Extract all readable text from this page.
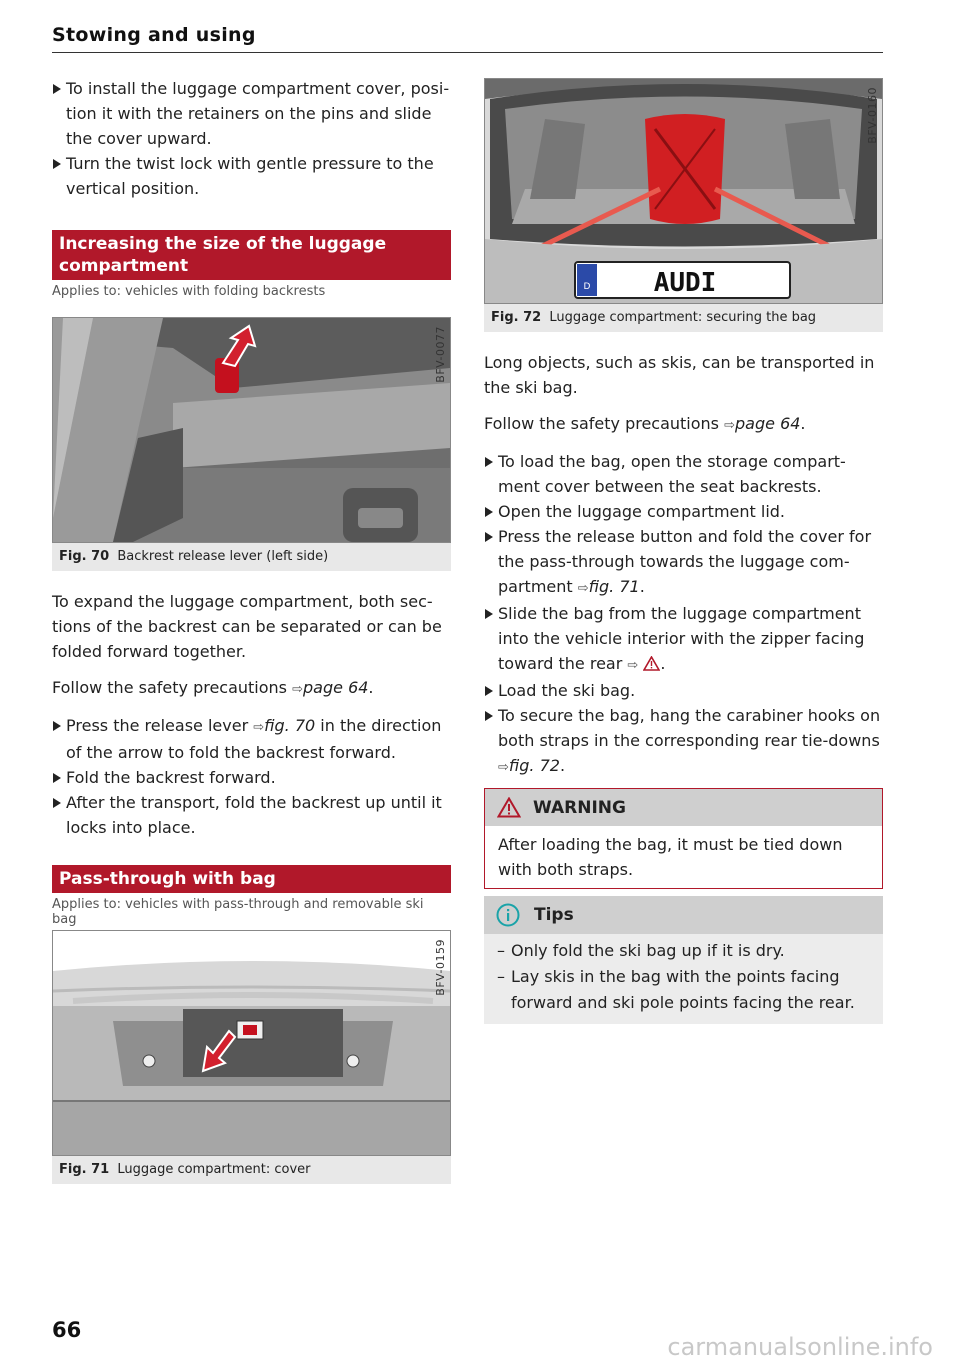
Stowing and using
To install the luggage compartment cover, posi-tion it with the retainers on the pins and slide the cover upward.
Turn the twist lock with gentle pressure to the vertical position.
Increasing the size of the luggage compartment
Applies to: vehicles with folding backrests
BFV-0077
Fig. 70 Backrest release lever (left side)

To expand the luggage compartment, both sec-tions of the backrest can be separated or can be folded forward together.

Follow the safety precautions ⇨page 64.

Press the release lever ⇨fig. 70 in the direction of the arrow to fold the backrest forward.
Fold the backrest forward.
After the transport, fold the backrest up until it locks into place.
Pass-through with bag
Applies to: vehicles with pass-through and removable ski bag
BFV-0159
Fig. 71 Luggage compartment: cover
D AUDI
BFV-0160
Fig. 72 Luggage compartment: securing the bag

Long objects, such as skis, can be transported in the ski bag.

Follow the safety precautions ⇨page 64.

To load the bag, open the storage compart-ment cover between the seat backrests.
Open the luggage compartment lid.
Press the release button and fold the cover for the pass-through towards the luggage com-partment ⇨fig. 71.
Slide the bag from the luggage compartment into the vehicle interior with the zipper facing toward the rear ⇨ .
Load the ski bag.
To secure the bag, hang the carabiner hooks on both straps in the corresponding rear tie-downs ⇨fig. 72.
WARNING
After loading the bag, it must be tied down with both straps.
Tips
– Only fold the ski bag up if it is dry.
– Lay skis in the bag with the points facing forward and ski pole points facing the rear.
66
carmanualsonline.info
